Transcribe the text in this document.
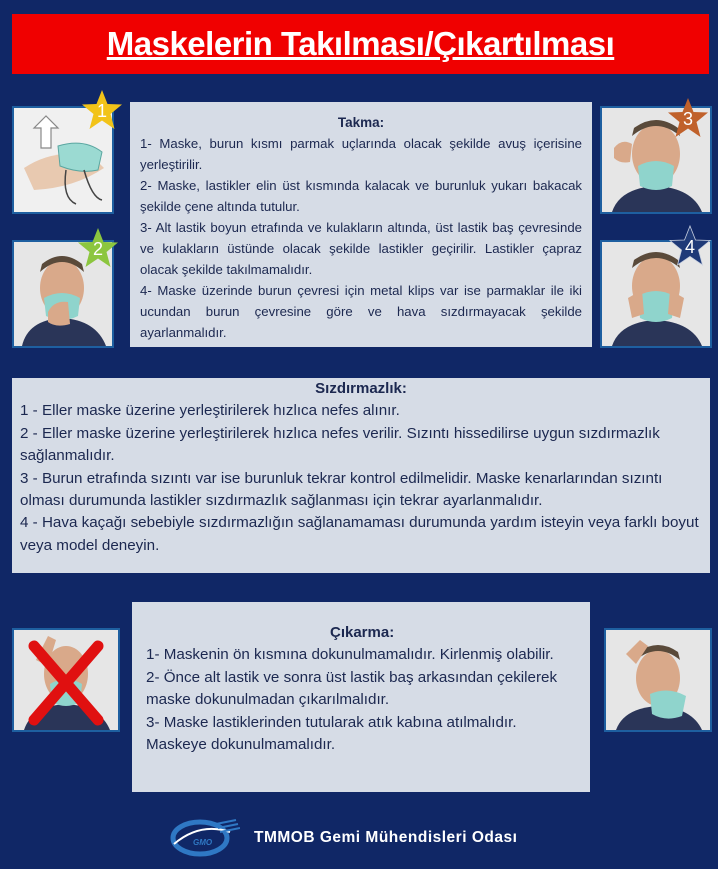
Maskelerin Takılması/Çıkartılması
1
2
3
4
Takma:
1- Maske, burun kısmı parmak uçlarında olacak şekilde avuş içerisine yerleştirilir.
2- Maske, lastikler elin üst kısmında kalacak ve burunluk yukarı bakacak şekilde çene altında tutulur.
3- Alt lastik boyun etrafında ve kulakların altında, üst lastik baş çevresinde ve kulakların üstünde olacak şekilde lastikler geçirilir. Lastikler çapraz olacak şekilde takılmamalıdır.
4- Maske üzerinde burun çevresi için metal klips var ise parmaklar ile iki ucundan burun çevresine göre ve hava sızdırmayacak şekilde ayarlanmalıdır.
Sızdırmazlık:
1 - Eller maske üzerine yerleştirilerek hızlıca nefes alınır.
2 - Eller maske üzerine yerleştirilerek hızlıca nefes verilir. Sızıntı hissedilirse uygun sızdırmazlık sağlanmalıdır.
3 - Burun etrafında sızıntı var ise burunluk tekrar kontrol edilmelidir. Maske kenarlarından sızıntı olması durumunda lastikler sızdırmazlık sağlanması için tekrar ayarlanmalıdır.
4 - Hava kaçağı sebebiyle sızdırmazlığın sağlanamaması durumunda yardım isteyin veya farklı boyut veya model deneyin.
Çıkarma:
1- Maskenin ön kısmına dokunulmamalıdır. Kirlenmiş olabilir.
2- Önce alt lastik ve sonra üst lastik baş arkasından çekilerek maske dokunulmadan çıkarılmalıdır.
3- Maske lastiklerinden tutularak atık kabına atılmalıdır. Maskeye dokunulmamalıdır.
GMO	TMMOB Gemi Mühendisleri Odası
